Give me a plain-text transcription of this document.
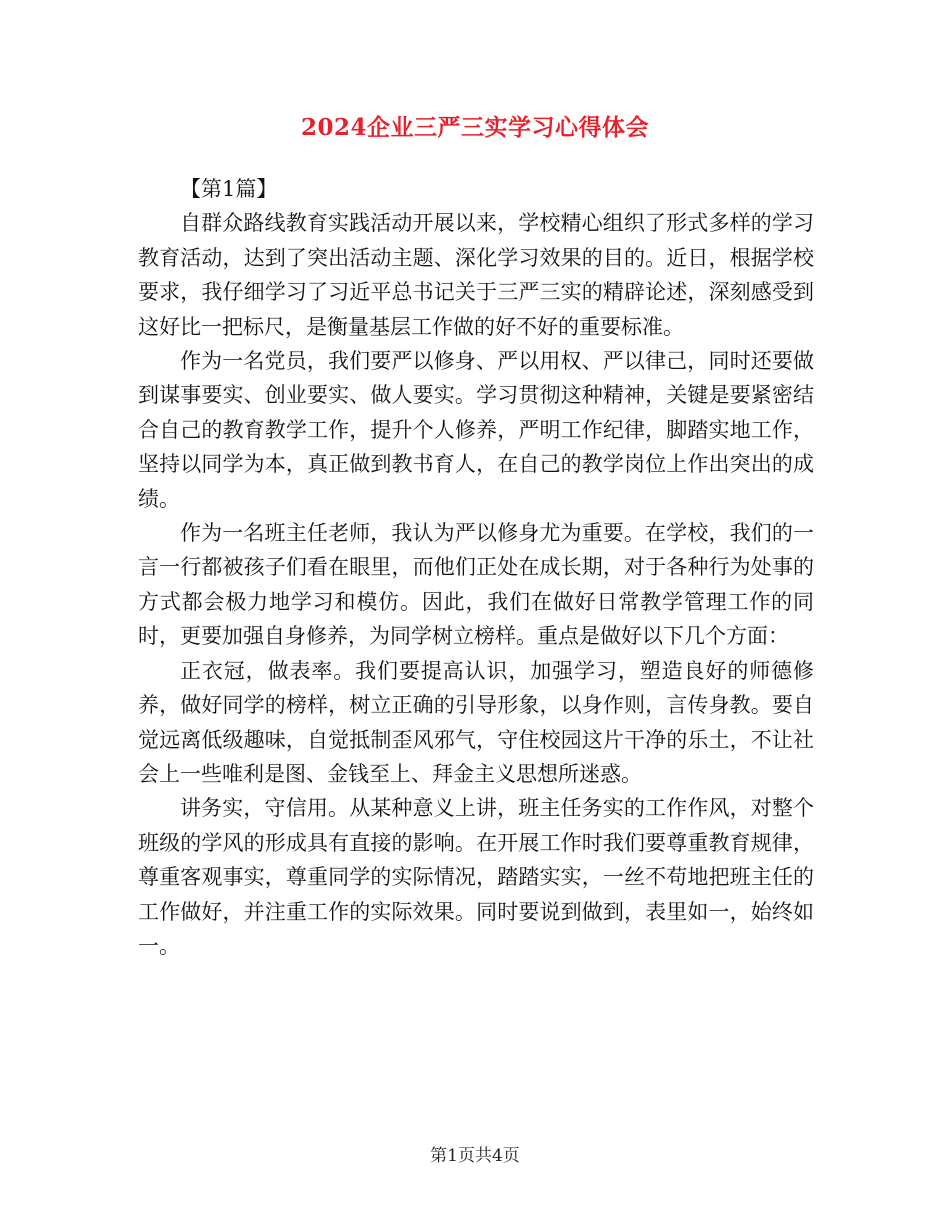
2024企业三严三实学习心得体会

【第1篇】

自群众路线教育实践活动开展以来，学校精心组织了形式多样的学习教育活动，达到了突出活动主题、深化学习效果的目的。近日，根据学校要求，我仔细学习了习近平总书记关于三严三实的精辟论述，深刻感受到这好比一把标尺，是衡量基层工作做的好不好的重要标准。

作为一名党员，我们要严以修身、严以用权、严以律己，同时还要做到谋事要实、创业要实、做人要实。学习贯彻这种精神，关键是要紧密结合自己的教育教学工作，提升个人修养，严明工作纪律，脚踏实地工作，坚持以同学为本，真正做到教书育人，在自己的教学岗位上作出突出的成绩。

作为一名班主任老师，我认为严以修身尤为重要。在学校，我们的一言一行都被孩子们看在眼里，而他们正处在成长期，对于各种行为处事的方式都会极力地学习和模仿。因此，我们在做好日常教学管理工作的同时，更要加强自身修养，为同学树立榜样。重点是做好以下几个方面：

正衣冠，做表率。我们要提高认识，加强学习，塑造良好的师德修养，做好同学的榜样，树立正确的引导形象，以身作则，言传身教。要自觉远离低级趣味，自觉抵制歪风邪气，守住校园这片干净的乐土，不让社会上一些唯利是图、金钱至上、拜金主义思想所迷惑。

讲务实，守信用。从某种意义上讲，班主任务实的工作作风，对整个班级的学风的形成具有直接的影响。在开展工作时我们要尊重教育规律，尊重客观事实，尊重同学的实际情况，踏踏实实，一丝不苟地把班主任的工作做好，并注重工作的实际效果。同时要说到做到，表里如一，始终如一。

第1页共4页
